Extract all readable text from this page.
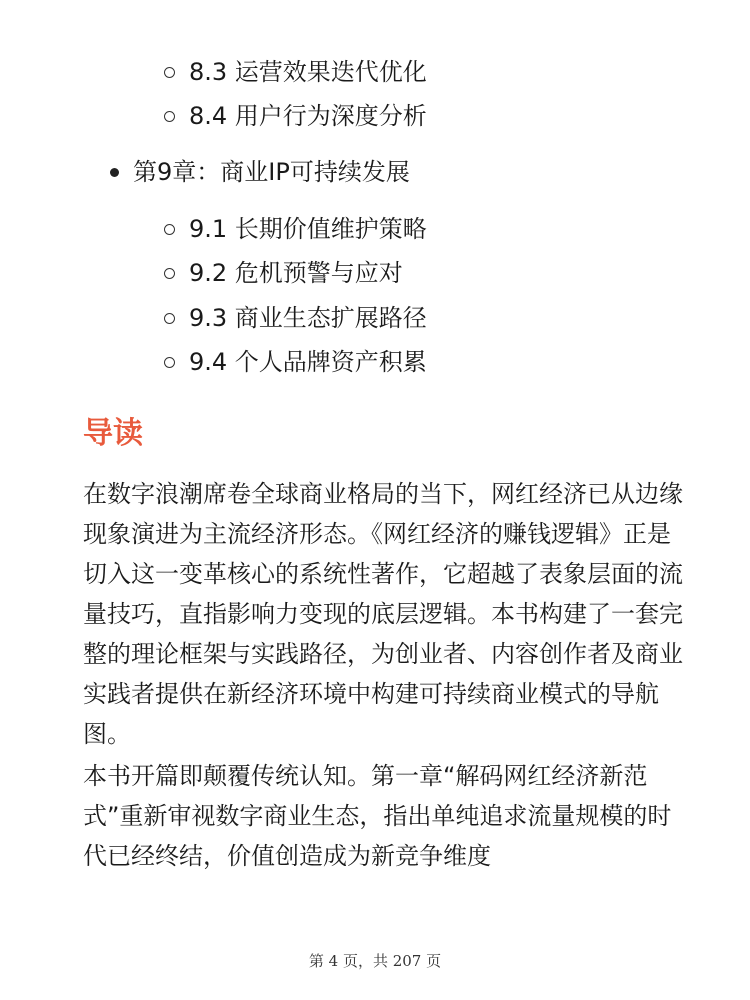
8.3 运营效果迭代优化
8.4 用户行为深度分析
第9章：商业IP可持续发展
9.1 长期价值维护策略
9.2 危机预警与应对
9.3 商业生态扩展路径
9.4 个人品牌资产积累
导读

在数字浪潮席卷全球商业格局的当下，网红经济已从边缘现象演进为主流经济形态。《网红经济的赚钱逻辑》正是切入这一变革核心的系统性著作，它超越了表象层面的流量技巧，直指影响力变现的底层逻辑。本书构建了一套完整的理论框架与实践路径，为创业者、内容创作者及商业实践者提供在新经济环境中构建可持续商业模式的导航图。

本书开篇即颠覆传统认知。第一章“解码网红经济新范式”重新审视数字商业生态，指出单纯追求流量规模的时代已经终结，价值创造成为新竞争维度

第 4 页，共 207 页
